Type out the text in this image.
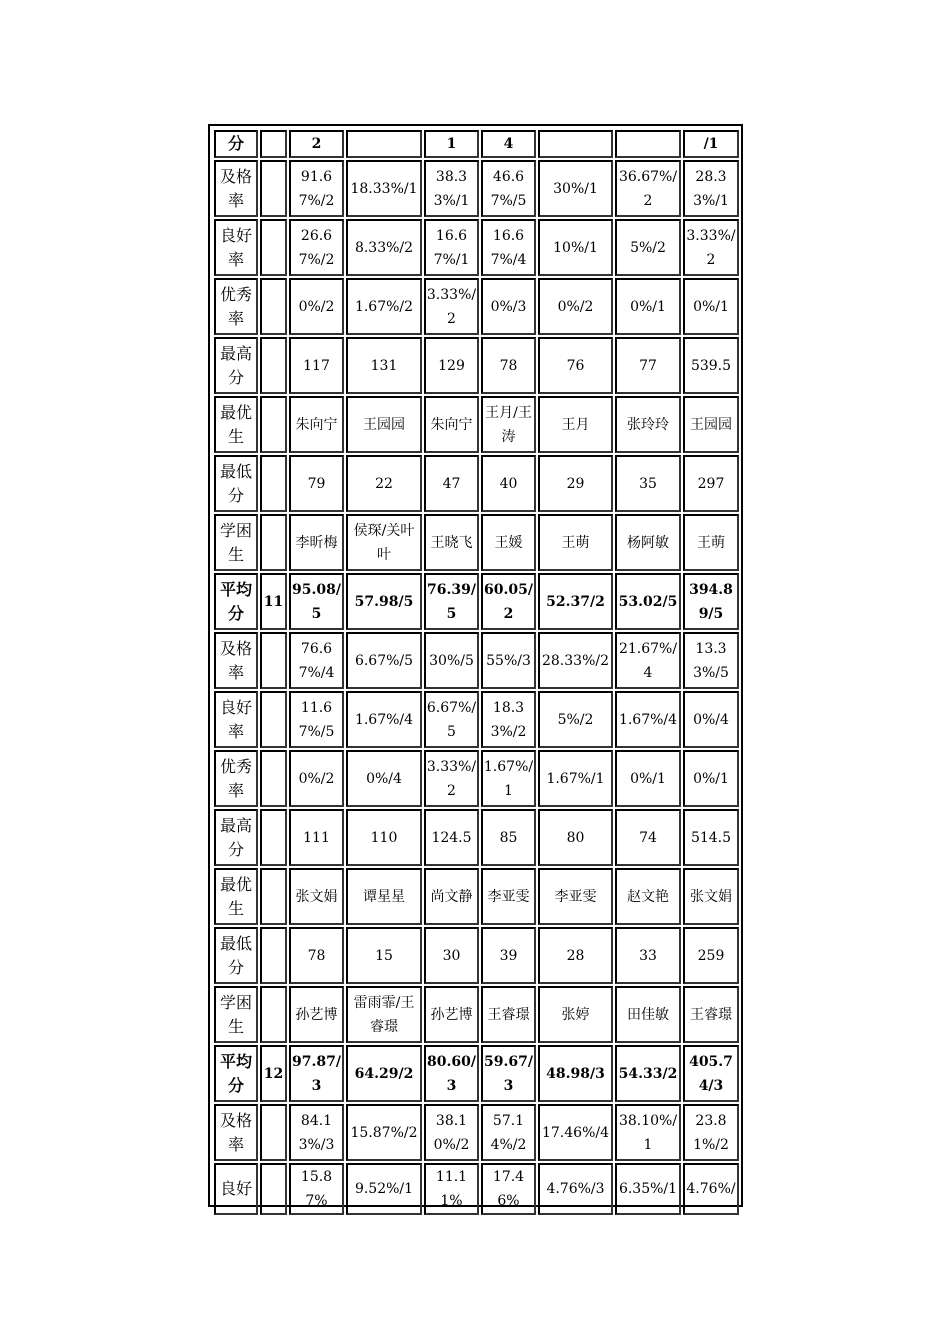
分		2		1	4			/1
及格率		91.67%/2	18.33%/1	38.33%/1	46.67%/5	30%/1	36.67%/2	28.33%/1
良好率		26.67%/2	8.33%/2	16.67%/1	16.67%/4	10%/1	5%/2	3.33%/2
优秀率		0%/2	1.67%/2	3.33%/2	0%/3	0%/2	0%/1	0%/1
最高分		117	131	129	78	76	77	539.5
最优生		朱向宁	王园园	朱向宁	王月/王涛	王月	张玲玲	王园园
最低分		79	22	47	40	29	35	297
学困生		李昕梅	侯琛/关叶叶	王晓飞	王媛	王萌	杨阿敏	王萌
平均分	11	95.08/5	57.98/5	76.39/5	60.05/2	52.37/2	53.02/5	394.89/5
及格率		76.67%/4	6.67%/5	30%/5	55%/3	28.33%/2	21.67%/4	13.33%/5
良好率		11.67%/5	1.67%/4	6.67%/5	18.33%/2	5%/2	1.67%/4	0%/4
优秀率		0%/2	0%/4	3.33%/2	1.67%/1	1.67%/1	0%/1	0%/1
最高分		111	110	124.5	85	80	74	514.5
最优生		张文娟	谭星星	尚文静	李亚雯	李亚雯	赵文艳	张文娟
最低分		78	15	30	39	28	33	259
学困生		孙艺博	雷雨霏/王睿璟	孙艺博	王睿璟	张婷	田佳敏	王睿璟
平均分	12	97.87/3	64.29/2	80.60/3	59.67/3	48.98/3	54.33/2	405.74/3
及格率		84.13%/3	15.87%/2	38.10%/2	57.14%/2	17.46%/4	38.10%/1	23.81%/2
良好		15.87%	9.52%/1	11.11%	17.46%	4.76%/3	6.35%/1	4.76%/
